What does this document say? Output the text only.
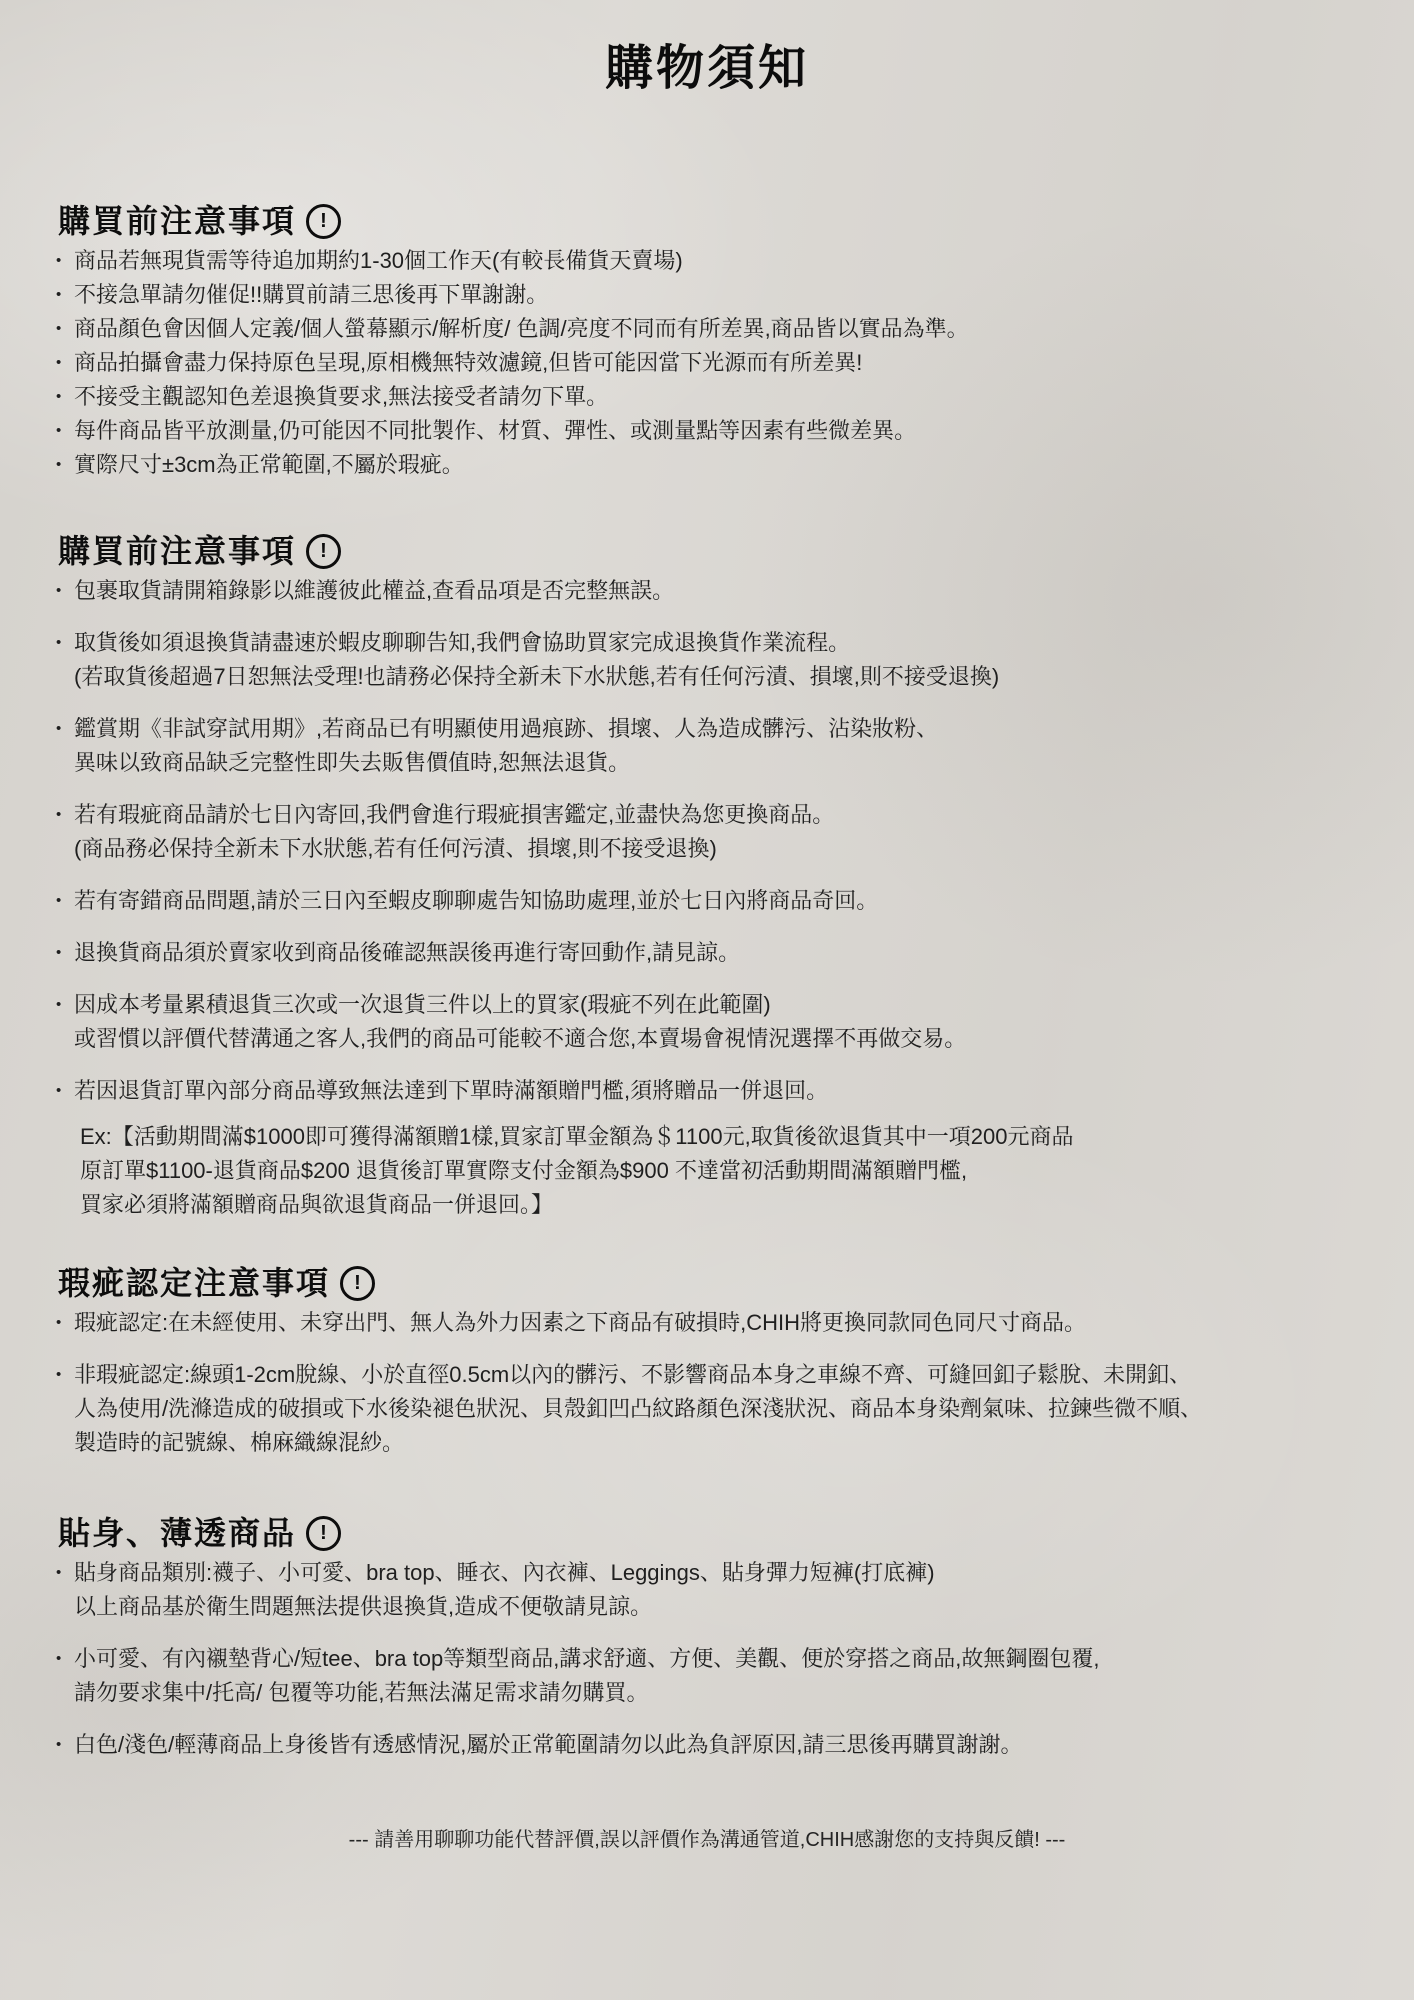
購物須知
購買前注意事項	!
• 商品若無現貨需等待追加期約1-30個工作天(有較長備貨天賣場)
• 不接急單請勿催促!!購買前請三思後再下單謝謝。
• 商品顏色會因個人定義/個人螢幕顯示/解析度/ 色調/亮度不同而有所差異,商品皆以實品為準。
• 商品拍攝會盡力保持原色呈現,原相機無特效濾鏡,但皆可能因當下光源而有所差異!
• 不接受主觀認知色差退換貨要求,無法接受者請勿下單。
• 每件商品皆平放測量,仍可能因不同批製作、材質、彈性、或測量點等因素有些微差異。
• 實際尺寸±3cm為正常範圍,不屬於瑕疵。
購買前注意事項	!
• 包裹取貨請開箱錄影以維護彼此權益,查看品項是否完整無誤。
• 取貨後如須退換貨請盡速於蝦皮聊聊告知,我們會協助買家完成退換貨作業流程。
(若取貨後超過7日恕無法受理!也請務必保持全新未下水狀態,若有任何污漬、損壞,則不接受退換)
• 鑑賞期《非試穿試用期》,若商品已有明顯使用過痕跡、損壞、人為造成髒污、沾染妝粉、
異味以致商品缺乏完整性即失去販售價值時,恕無法退貨。
• 若有瑕疵商品請於七日內寄回,我們會進行瑕疵損害鑑定,並盡快為您更換商品。
(商品務必保持全新未下水狀態,若有任何污漬、損壞,則不接受退換)
• 若有寄錯商品問題,請於三日內至蝦皮聊聊處告知協助處理,並於七日內將商品奇回。
• 退換貨商品須於賣家收到商品後確認無誤後再進行寄回動作,請見諒。
• 因成本考量累積退貨三次或一次退貨三件以上的買家(瑕疵不列在此範圍)
或習慣以評價代替溝通之客人,我們的商品可能較不適合您,本賣場會視情況選擇不再做交易。
• 若因退貨訂單內部分商品導致無法達到下單時滿額贈門檻,須將贈品一併退回。
Ex:【活動期間滿$1000即可獲得滿額贈1樣,買家訂單金額為＄1100元,取貨後欲退貨其中一項200元商品
原訂單$1100-退貨商品$200 退貨後訂單實際支付金額為$900 不達當初活動期間滿額贈門檻,
買家必須將滿額贈商品與欲退貨商品一併退回。】
瑕疵認定注意事項	!
• 瑕疵認定:在未經使用、未穿出門、無人為外力因素之下商品有破損時,CHIH將更換同款同色同尺寸商品。
• 非瑕疵認定:線頭1-2cm脫線、小於直徑0.5cm以內的髒污、不影響商品本身之車線不齊、可縫回釦子鬆脫、未開釦、
人為使用/洗滌造成的破損或下水後染褪色狀況、貝殼釦凹凸紋路顏色深淺狀況、商品本身染劑氣味、拉鍊些微不順、
製造時的記號線、棉麻織線混紗。
貼身、薄透商品	!
• 貼身商品類別:襪子、小可愛、bra top、睡衣、內衣褲、Leggings、貼身彈力短褲(打底褲)
以上商品基於衛生問題無法提供退換貨,造成不便敬請見諒。
• 小可愛、有內襯墊背心/短tee、bra top等類型商品,講求舒適、方便、美觀、便於穿搭之商品,故無鋼圈包覆,
請勿要求集中/托高/ 包覆等功能,若無法滿足需求請勿購買。
• 白色/淺色/輕薄商品上身後皆有透感情況,屬於正常範圍請勿以此為負評原因,請三思後再購買謝謝。
--- 請善用聊聊功能代替評價,誤以評價作為溝通管道,CHIH感謝您的支持與反饋! ---
